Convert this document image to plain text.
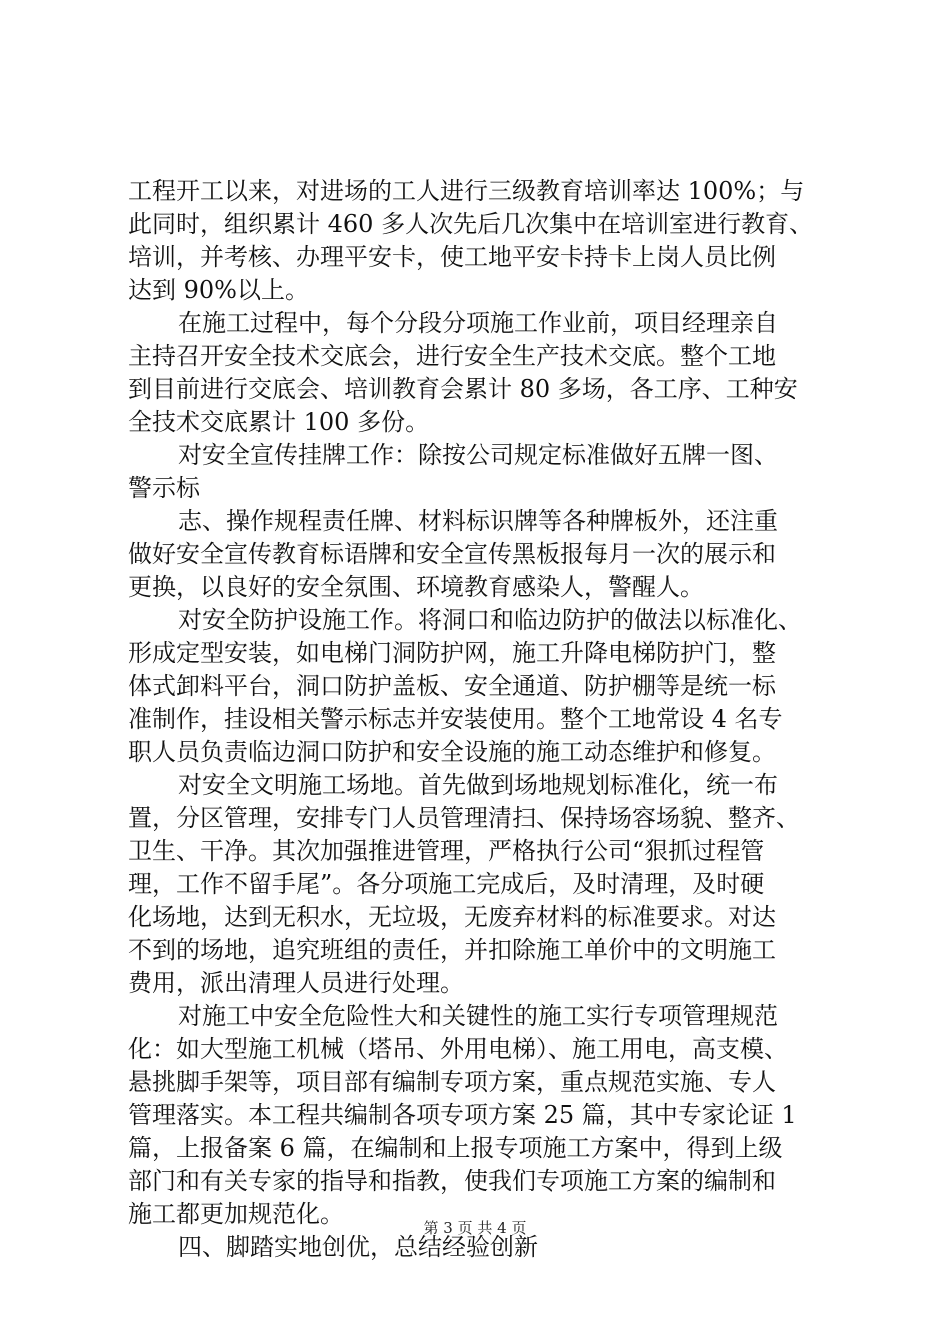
工程开工以来，对进场的工人进行三级教育培训率达 100%；与
此同时，组织累计 460 多人次先后几次集中在培训室进行教育、
培训，并考核、办理平安卡，使工地平安卡持卡上岗人员比例
达到 90%以上。
在施工过程中，每个分段分项施工作业前，项目经理亲自
主持召开安全技术交底会，进行安全生产技术交底。整个工地
到目前进行交底会、培训教育会累计 80 多场，各工序、工种安
全技术交底累计 100 多份。
对安全宣传挂牌工作：除按公司规定标准做好五牌一图、
警示标
志、操作规程责任牌、材料标识牌等各种牌板外，还注重
做好安全宣传教育标语牌和安全宣传黑板报每月一次的展示和
更换，以良好的安全氛围、环境教育感染人，警醒人。
对安全防护设施工作。将洞口和临边防护的做法以标准化、
形成定型安装，如电梯门洞防护网，施工升降电梯防护门，整
体式卸料平台，洞口防护盖板、安全通道、防护棚等是统一标
准制作，挂设相关警示标志并安装使用。整个工地常设 4 名专
职人员负责临边洞口防护和安全设施的施工动态维护和修复。
对安全文明施工场地。首先做到场地规划标准化，统一布
置，分区管理，安排专门人员管理清扫、保持场容场貌、整齐、
卫生、干净。其次加强推进管理，严格执行公司“狠抓过程管
理，工作不留手尾”。各分项施工完成后，及时清理，及时硬
化场地，达到无积水，无垃圾，无废弃材料的标准要求。对达
不到的场地，追究班组的责任，并扣除施工单价中的文明施工
费用，派出清理人员进行处理。
对施工中安全危险性大和关键性的施工实行专项管理规范
化：如大型施工机械（塔吊、外用电梯）、施工用电，高支模、
悬挑脚手架等，项目部有编制专项方案，重点规范实施、专人
管理落实。本工程共编制各项专项方案 25 篇，其中专家论证 1
篇，上报备案 6 篇，在编制和上报专项施工方案中，得到上级
部门和有关专家的指导和指教，使我们专项施工方案的编制和
施工都更加规范化。
四、脚踏实地创优，总结经验创新
第 3 页 共 4 页
